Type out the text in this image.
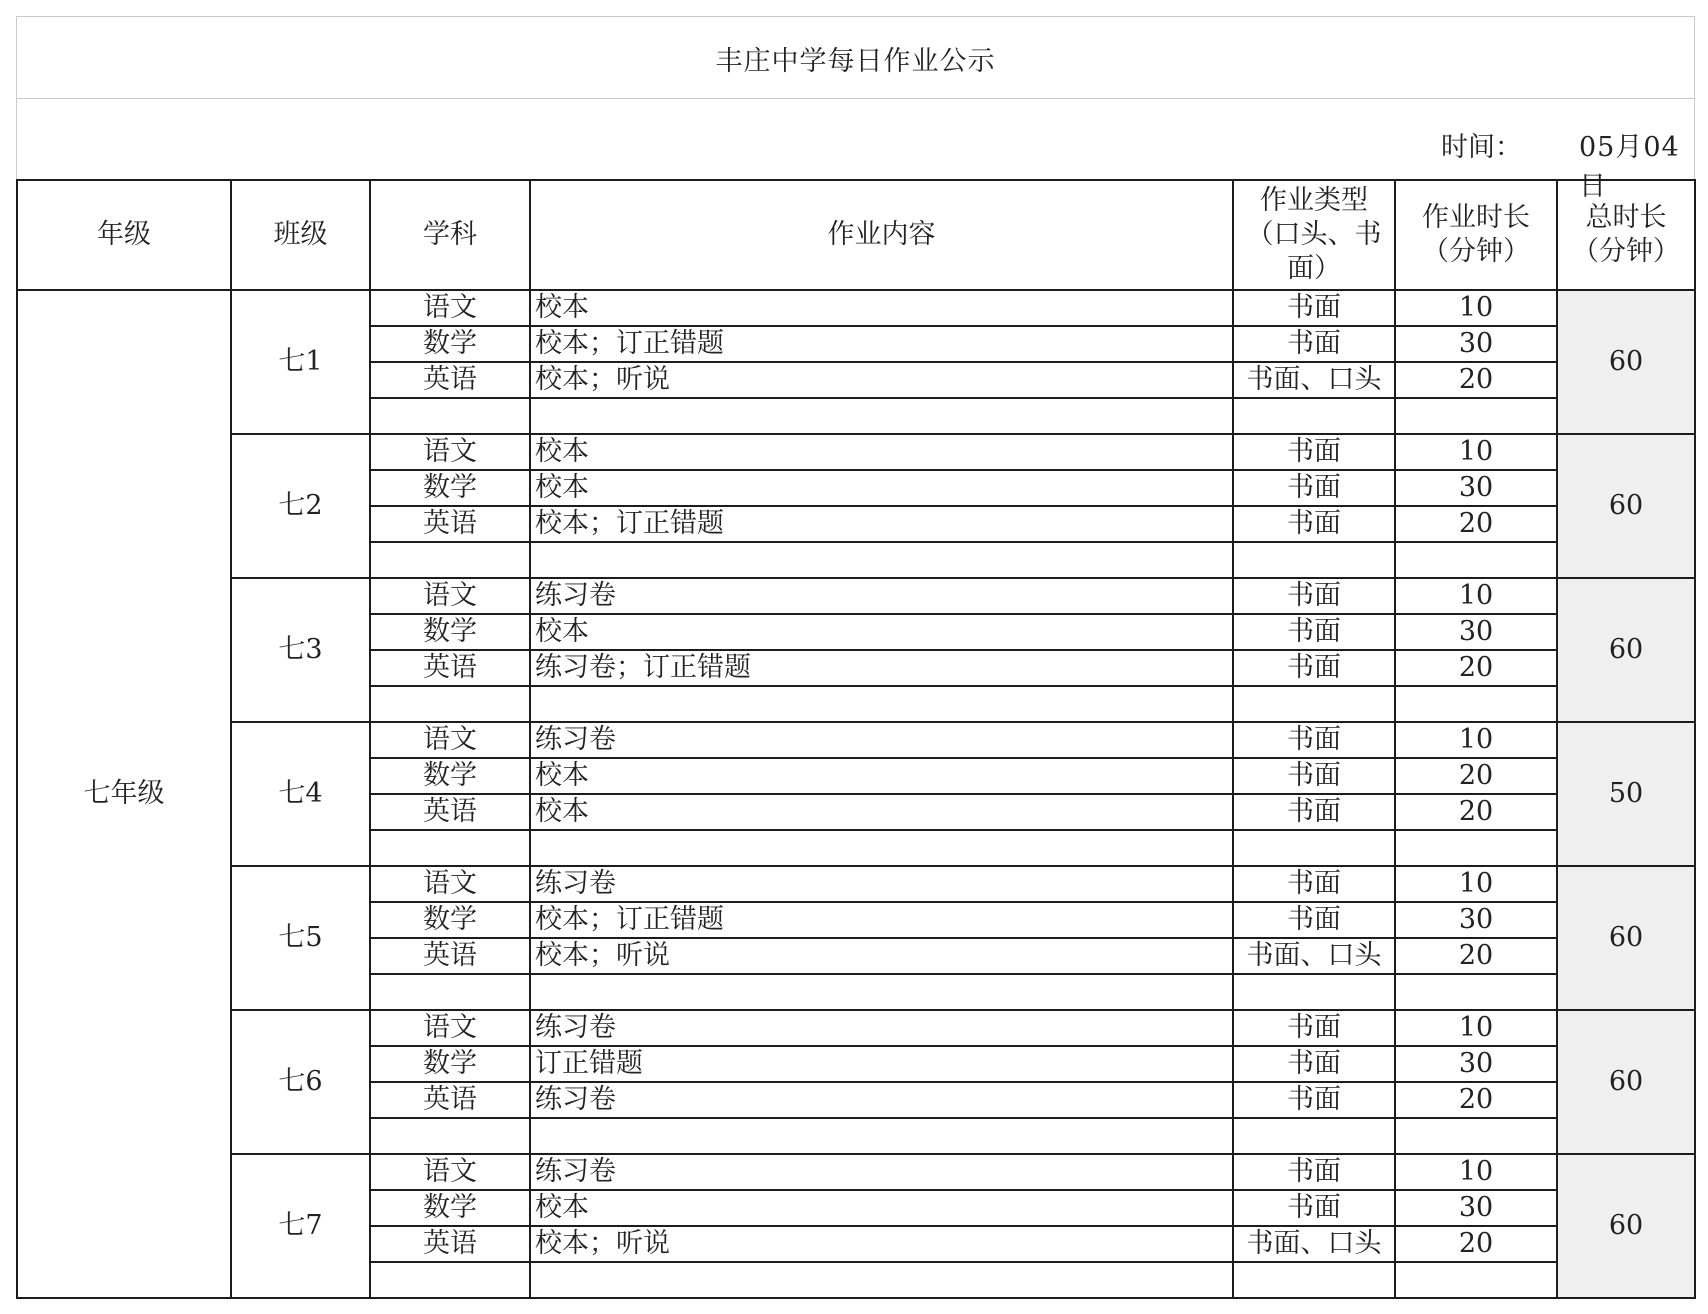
丰庄中学每日作业公示
时间： 05月04日
年级	班级	学科	作业内容	作业类型（口头、书面）	作业时长（分钟）	总时长（分钟）

七年级	七1	语文	校本	书面	10	60
		数学	校本；订正错题	书面	30	
		英语	校本；听说	书面、口头	20	

	七2	语文	校本	书面	10	60
		数学	校本	书面	30	
		英语	校本；订正错题	书面	20	

	七3	语文	练习卷	书面	10	60
		数学	校本	书面	30	
		英语	练习卷；订正错题	书面	20	

	七4	语文	练习卷	书面	10	50
		数学	校本	书面	20	
		英语	校本	书面	20	

	七5	语文	练习卷	书面	10	60
		数学	校本；订正错题	书面	30	
		英语	校本；听说	书面、口头	20	

	七6	语文	练习卷	书面	10	60
		数学	订正错题	书面	30	
		英语	练习卷	书面	20	

	七7	语文	练习卷	书面	10	60
		数学	校本	书面	30	
		英语	校本；听说	书面、口头	20	
